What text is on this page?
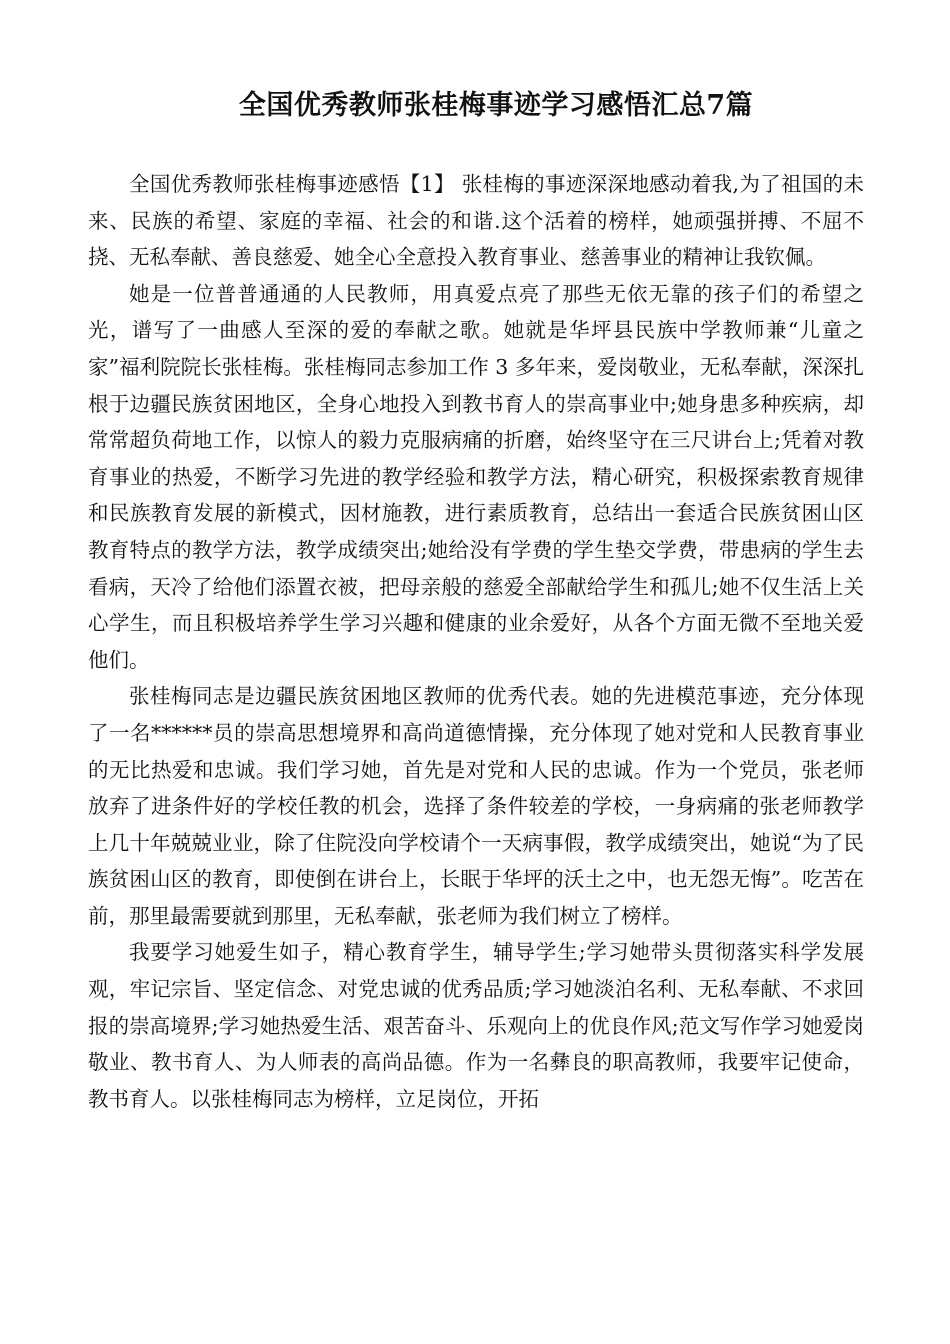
全国优秀教师张桂梅事迹学习感悟汇总7篇

全国优秀教师张桂梅事迹感悟【1】 张桂梅的事迹深深地感动着我,为了祖国的未来、民族的希望、家庭的幸福、社会的和谐.这个活着的榜样，她顽强拼搏、不屈不挠、无私奉献、善良慈爱、她全心全意投入教育事业、慈善事业的精神让我钦佩。

她是一位普普通通的人民教师，用真爱点亮了那些无依无靠的孩子们的希望之光，谱写了一曲感人至深的爱的奉献之歌。她就是华坪县民族中学教师兼“儿童之家”福利院院长张桂梅。张桂梅同志参加工作 3 多年来，爱岗敬业，无私奉献，深深扎根于边疆民族贫困地区，全身心地投入到教书育人的崇高事业中;她身患多种疾病，却常常超负荷地工作，以惊人的毅力克服病痛的折磨，始终坚守在三尺讲台上;凭着对教育事业的热爱，不断学习先进的教学经验和教学方法，精心研究，积极探索教育规律和民族教育发展的新模式，因材施教，进行素质教育，总结出一套适合民族贫困山区教育特点的教学方法，教学成绩突出;她给没有学费的学生垫交学费，带患病的学生去看病，天冷了给他们添置衣被，把母亲般的慈爱全部献给学生和孤儿;她不仅生活上关心学生，而且积极培养学生学习兴趣和健康的业余爱好，从各个方面无微不至地关爱他们。

张桂梅同志是边疆民族贫困地区教师的优秀代表。她的先进模范事迹，充分体现了一名******员的崇高思想境界和高尚道德情操，充分体现了她对党和人民教育事业的无比热爱和忠诚。我们学习她，首先是对党和人民的忠诚。作为一个党员，张老师放弃了进条件好的学校任教的机会，选择了条件较差的学校，一身病痛的张老师教学上几十年兢兢业业，除了住院没向学校请个一天病事假，教学成绩突出，她说“为了民族贫困山区的教育，即使倒在讲台上，长眠于华坪的沃土之中，也无怨无悔”。吃苦在前，那里最需要就到那里，无私奉献，张老师为我们树立了榜样。

我要学习她爱生如子，精心教育学生，辅导学生;学习她带头贯彻落实科学发展观，牢记宗旨、坚定信念、对党忠诚的优秀品质;学习她淡泊名利、无私奉献、不求回报的崇高境界;学习她热爱生活、艰苦奋斗、乐观向上的优良作风;范文写作学习她爱岗敬业、教书育人、为人师表的高尚品德。作为一名彝良的职高教师，我要牢记使命，教书育人。以张桂梅同志为榜样，立足岗位，开拓
